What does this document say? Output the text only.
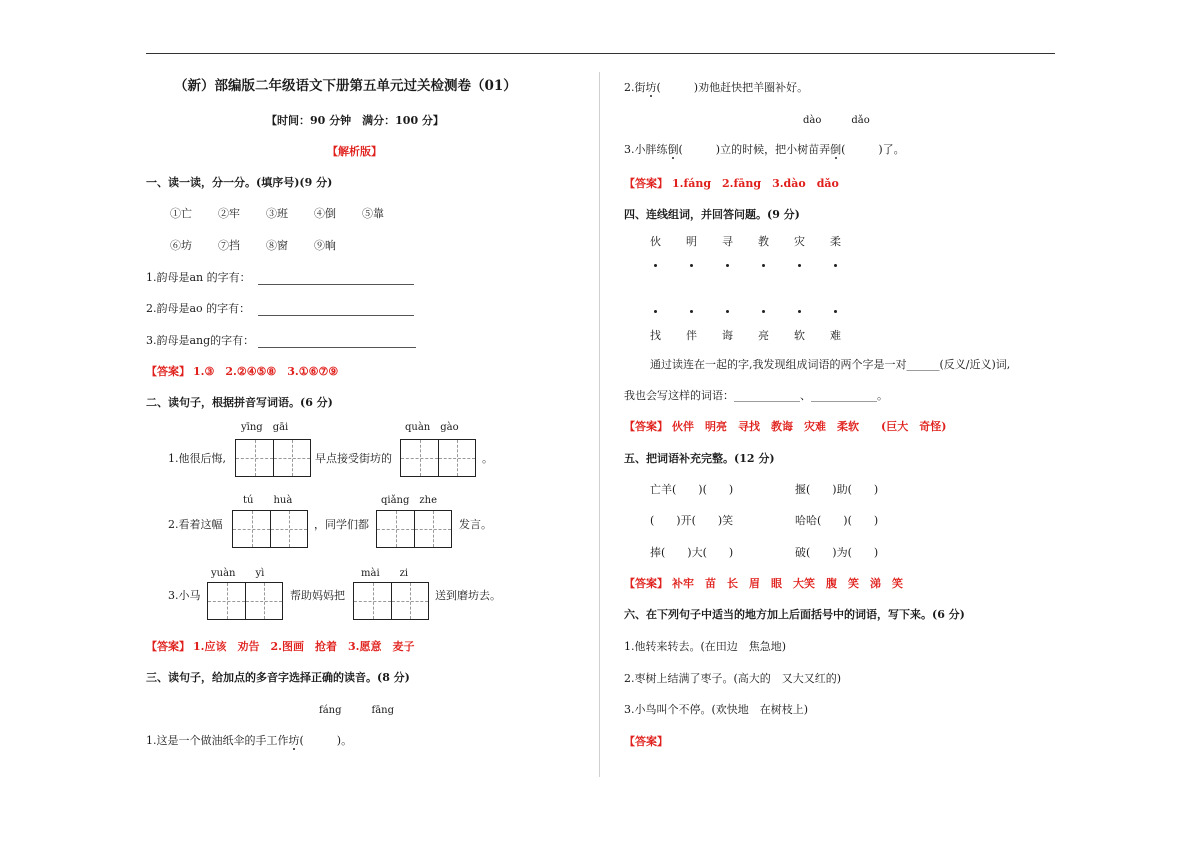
（新）部编版二年级语文下册第五单元过关检测卷（01）
【时间：90 分钟　满分：100 分】
【解析版】
一、读一读，分一分。(填序号)(9 分)
①亡 ②牢 ③班 ④倒 ⑤靠
⑥坊 ⑦挡 ⑧窗 ⑨晌
1.韵母是an 的字有：
2.韵母是ao 的字有：
3.韵母是ang的字有：
【答案】 1.③　2.②④⑤⑧　3.①⑥⑦⑨
二、读句子，根据拼音写词语。(6 分)
yīng　gāi	quàn　gào
1.他很后悔,	早点接受街坊的	。
tú　　huà	qiǎng　zhe
2.看着这幅	，同学们都	发言。
yuàn　　yì	mài　　zi
3.小马	帮助妈妈把	送到磨坊去。
【答案】 1.应该　劝告　2.图画　抢着　3.愿意　麦子
三、读句子，给加点的多音字选择正确的读音。(8 分)
fáng　　　fāng
1.这是一个做油纸伞的手工作坊(　　　)。
2.街坊(　　　)劝他赶快把羊圈补好。
dào　　　dǎo
3.小胖练倒(　　　)立的时候，把小树苗弄倒(　　　)了。
【答案】 1.fáng　2.fāng　3.dào　dǎo
四、连线组词，并回答问题。(9 分)
伙 明 寻 教 灾 柔
找 伴 诲 亮 软 难
通过读连在一起的字,我发现组成词语的两个字是一对______(反义/近义)词,
我也会写这样的词语：____________、____________。
【答案】 伙伴　明亮　寻找　教诲　灾难　柔软　　(巨大　奇怪)
五、把词语补充完整。(12 分)
亡羊(　　)(　　)	揠(　　)助(　　)
(　　)开(　　)笑	哈哈(　　)(　　)
捧(　　)大(　　)	破(　　)为(　　)
【答案】 补牢　苗　长　眉　眼　大笑　腹　笑　涕　笑
六、在下列句子中适当的地方加上后面括号中的词语，写下来。(6 分)
1.他转来转去。(在田边　焦急地)
2.枣树上结满了枣子。(高大的　又大又红的)
3.小鸟叫个不停。(欢快地　在树枝上)
【答案】
